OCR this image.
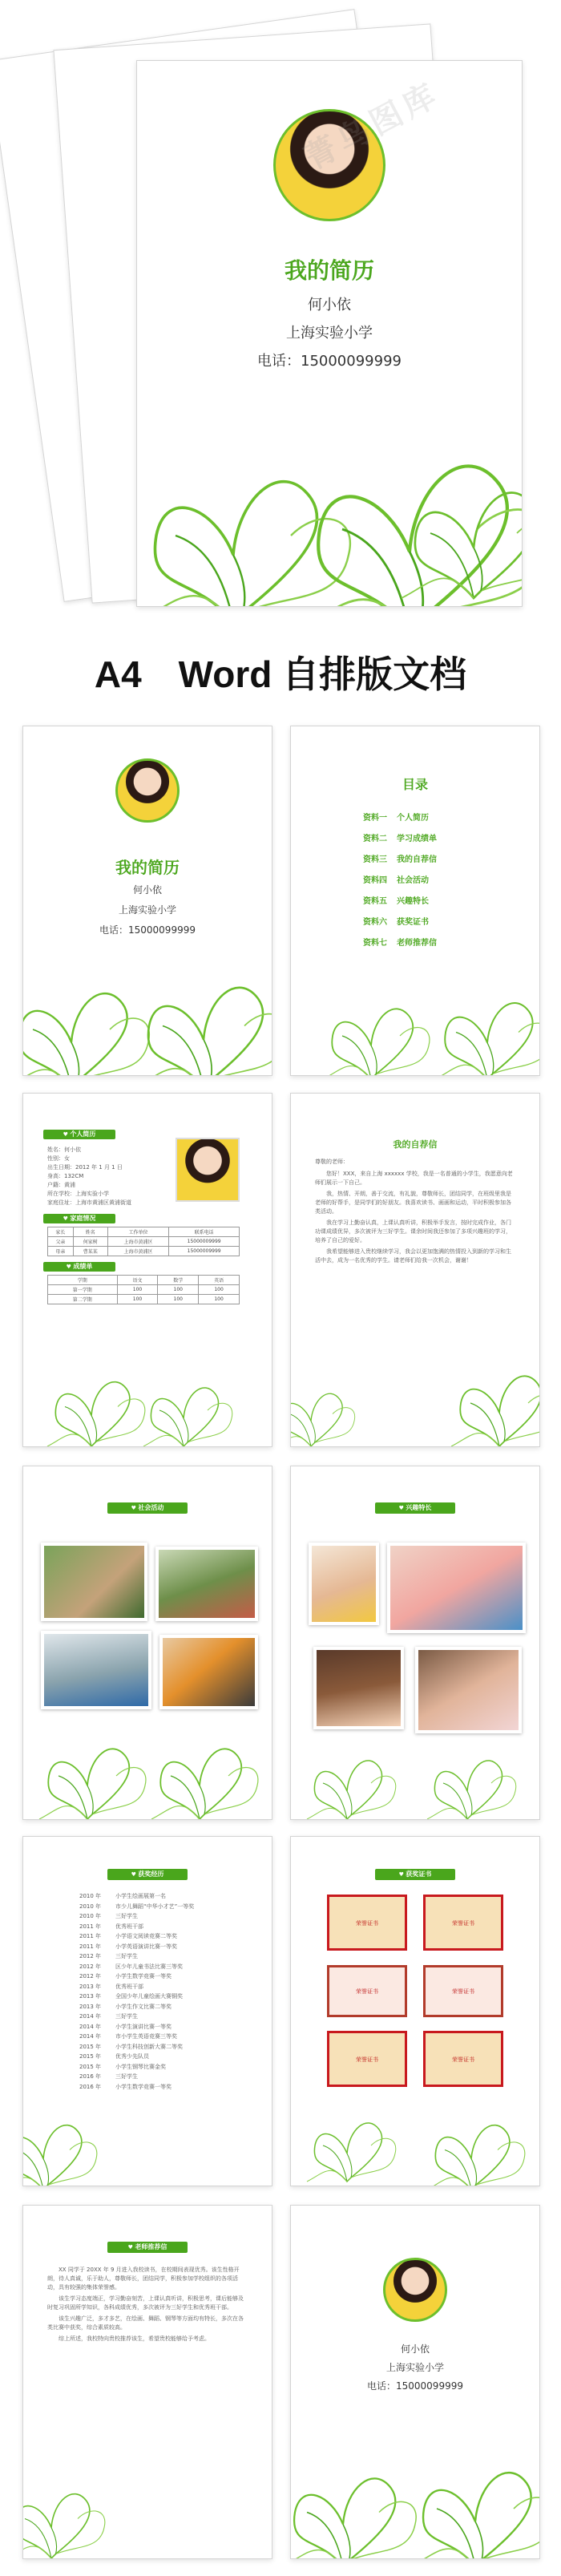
我的简历
何小依
上海实验小学
电话：15000099999
菁鸟图库
A4　Word 自排版文档
我的简历
何小依
上海实验小学
电话：15000099999
目录
资料一 个人简历
资料二 学习成绩单
资料三 我的自荐信
资料四 社会活动
资料五 兴趣特长
资料六 获奖证书
资料七 老师推荐信
♥ 个人简历
姓名：何小依
性别：女
出生日期：2012 年 1 月 1 日
身高：132CM
户籍：黄浦
所在学校：上海实验小学
家庭住址：上海市黄浦区黄浦街道
♥ 家庭情况
家长	姓名	工作单位	联系电话
父亲	何家树	上海市黄浦区	15000009999
母亲	曹某某	上海市黄浦区	15000009999
♥ 成绩单
学期	语文	数学	英语
第一学期	100	100	100
第二学期	100	100	100
我的自荐信
尊敬的老师：
您好！XXX，来自上海 xxxxxx 学校，我是一名普通的小学生，我愿意向老师们展示一下自己。
我，热情、开朗，善于交流，有礼貌，尊敬师长，团结同学，在班级里我是老师的好帮手，是同学们的好朋友。我喜欢读书、画画和运动，平时积极参加各类活动。
我在学习上勤奋认真，上课认真听讲，积极举手发言，按时完成作业，各门功课成绩优异，多次被评为三好学生。课余时间我还参加了多项兴趣班的学习，培养了自己的爱好。
我希望能够进入贵校继续学习，我会以更加饱满的热情投入到新的学习和生活中去，成为一名优秀的学生。请老师们给我一次机会，谢谢！
♥ 社会活动	♥ 兴趣特长
♥ 获奖经历
2010 年	小学生绘画展第一名
2010 年	市少儿舞蹈“中华小才艺”一等奖
2010 年	三好学生
2011 年	优秀班干部
2011 年	小学语文阅读竞赛二等奖
2011 年	小学英语演讲比赛一等奖
2012 年	三好学生
2012 年	区少年儿童书法比赛三等奖
2012 年	小学生数学竞赛一等奖
2013 年	优秀班干部
2013 年	全国少年儿童绘画大赛铜奖
2013 年	小学生作文比赛二等奖
2014 年	三好学生
2014 年	小学生演讲比赛一等奖
2014 年	市小学生英语竞赛三等奖
2015 年	小学生科技创新大赛二等奖
2015 年	优秀少先队员
2015 年	小学生钢琴比赛金奖
2016 年	三好学生
2016 年	小学生数学竞赛一等奖
♥ 获奖证书
荣誉证书	荣誉证书
荣誉证书	荣誉证书
荣誉证书	荣誉证书
♥ 老师推荐信
XX 同学于 20XX 年 9 月进入我校读书，在校期间表现优秀。该生性格开朗，待人真诚，乐于助人，尊敬师长，团结同学，积极参加学校组织的各项活动，具有较强的集体荣誉感。
该生学习态度端正，学习勤奋刻苦，上课认真听讲，积极思考，课后能够及时复习巩固所学知识，各科成绩优秀，多次被评为三好学生和优秀班干部。
该生兴趣广泛，多才多艺，在绘画、舞蹈、钢琴等方面均有特长，多次在各类比赛中获奖，综合素质较高。
综上所述，我校特向贵校推荐该生，希望贵校能够给予考虑。
何小依
上海实验小学
电话：15000099999
